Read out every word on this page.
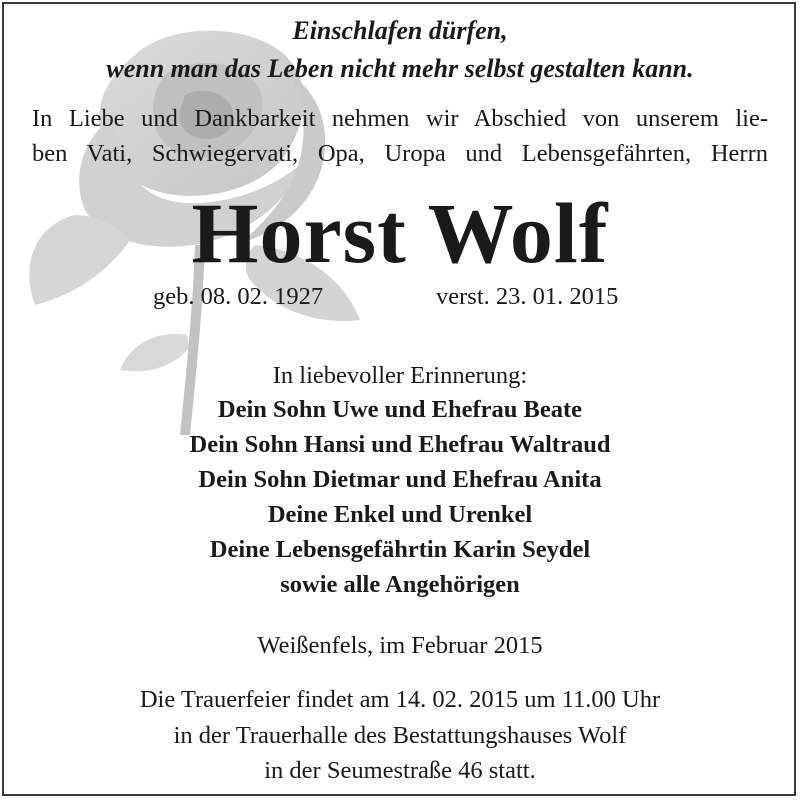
Einschlafen dürfen,
wenn man das Leben nicht mehr selbst gestalten kann.
In Liebe und Dankbarkeit nehmen wir Abschied von unserem lie-
ben Vati, Schwiegervati, Opa, Uropa und Lebensgefährten, Herrn
Horst Wolf
geb. 08. 02. 1927	verst. 23. 01. 2015
In liebevoller Erinnerung:
Dein Sohn Uwe und Ehefrau Beate
Dein Sohn Hansi und Ehefrau Waltraud
Dein Sohn Dietmar und Ehefrau Anita
Deine Enkel und Urenkel
Deine Lebensgefährtin Karin Seydel
sowie alle Angehörigen
Weißenfels, im Februar 2015
Die Trauerfeier findet am 14. 02. 2015 um 11.00 Uhr
in der Trauerhalle des Bestattungshauses Wolf
in der Seumestraße 46 statt.
